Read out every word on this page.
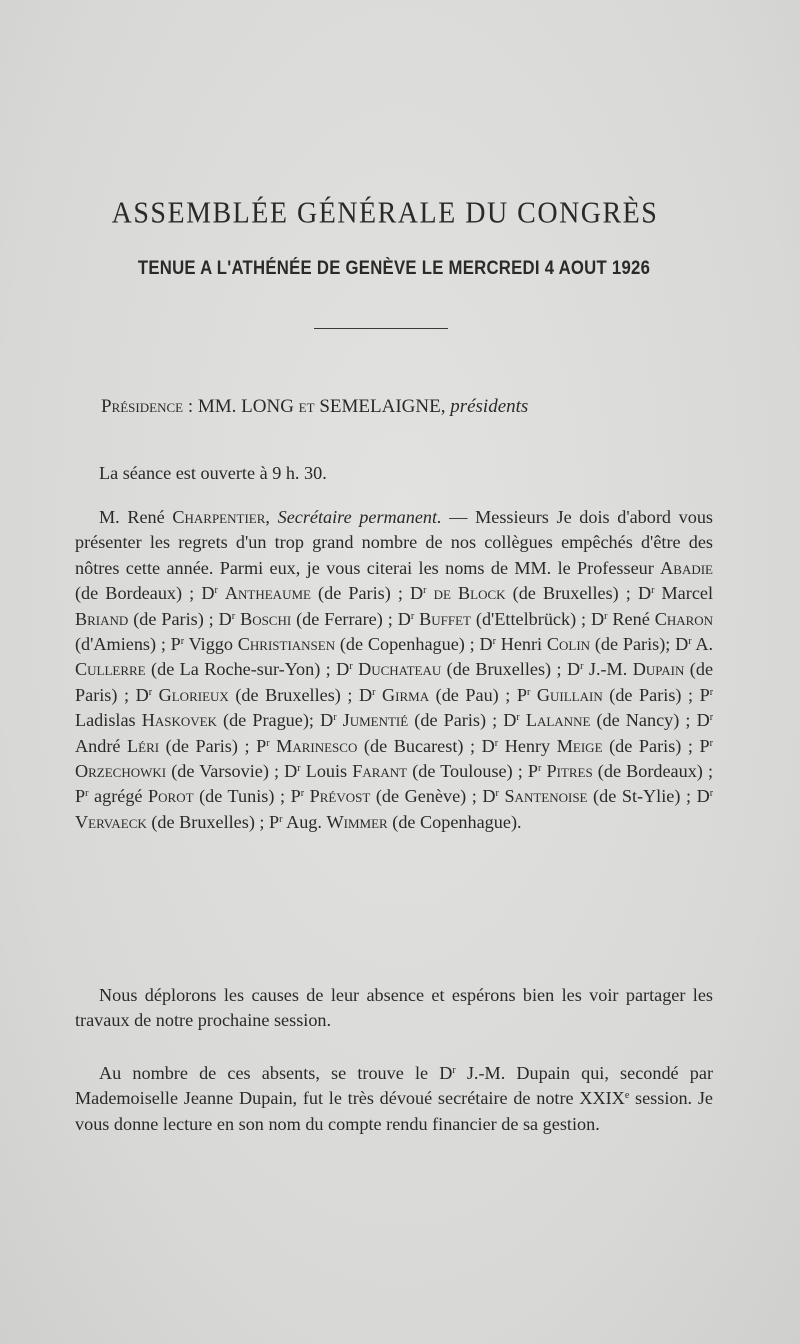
ASSEMBLÉE GÉNÉRALE DU CONGRÈS
TENUE A L'ATHÉNÉE DE GENÈVE LE MERCREDI 4 AOUT 1926
Présidence : MM. LONG et SEMELAIGNE, présidents

La séance est ouverte à 9 h. 30.

M. René Charpentier, Secrétaire permanent. — Messieurs Je dois d'abord vous présenter les regrets d'un trop grand nombre de nos collègues empêchés d'être des nôtres cette année. Parmi eux, je vous citerai les noms de MM. le Professeur Abadie (de Bordeaux) ; $D^r$ Antheaume (de Paris) ; $D^r$ de Block (de Bruxelles) ; $D^r$ Marcel Briand (de Paris) ; $D^r$ Boschi (de Ferrare) ; $D^r$ Buffet (d'Ettelbrück) ; $D^r$ René Charon (d'Amiens) ; $P^r$ Viggo Christiansen (de Copenhague) ; $D^r$ Henri Colin (de Paris); $D^r$ A. Cullerre (de La Roche-sur-Yon) ; $D^r$ Duchateau (de Bruxelles) ; $D^r$ J.-M. Dupain (de Paris) ; $D^r$ Glorieux (de Bruxelles) ; $D^r$ Girma (de Pau) ; $P^r$ Guillain (de Paris) ; $P^r$ Ladislas Haskovek (de Prague); $D^r$ Jumentié (de Paris) ; $D^r$ Lalanne (de Nancy) ; $D^r$ André Léri (de Paris) ; $P^r$ Marinesco (de Bucarest) ; $D^r$ Henry Meige (de Paris) ; $P^r$ Orzechowki (de Varsovie) ; $D^r$ Louis Farant (de Toulouse) ; $P^r$ Pitres (de Bordeaux) ; $P^r$ agrégé Porot (de Tunis) ; $P^r$ Prévost (de Genève) ; $D^r$ Santenoise (de St-Ylie) ; $D^r$ Vervaeck (de Bruxelles) ; $P^r$ Aug. Wimmer (de Copenhague).

Nous déplorons les causes de leur absence et espérons bien les voir partager les travaux de notre prochaine session.

Au nombre de ces absents, se trouve le $D^r$ J.-M. Dupain qui, secondé par Mademoiselle Jeanne Dupain, fut le très dévoué secrétaire de notre XXIXe session. Je vous donne lecture en son nom du compte rendu financier de sa gestion.
